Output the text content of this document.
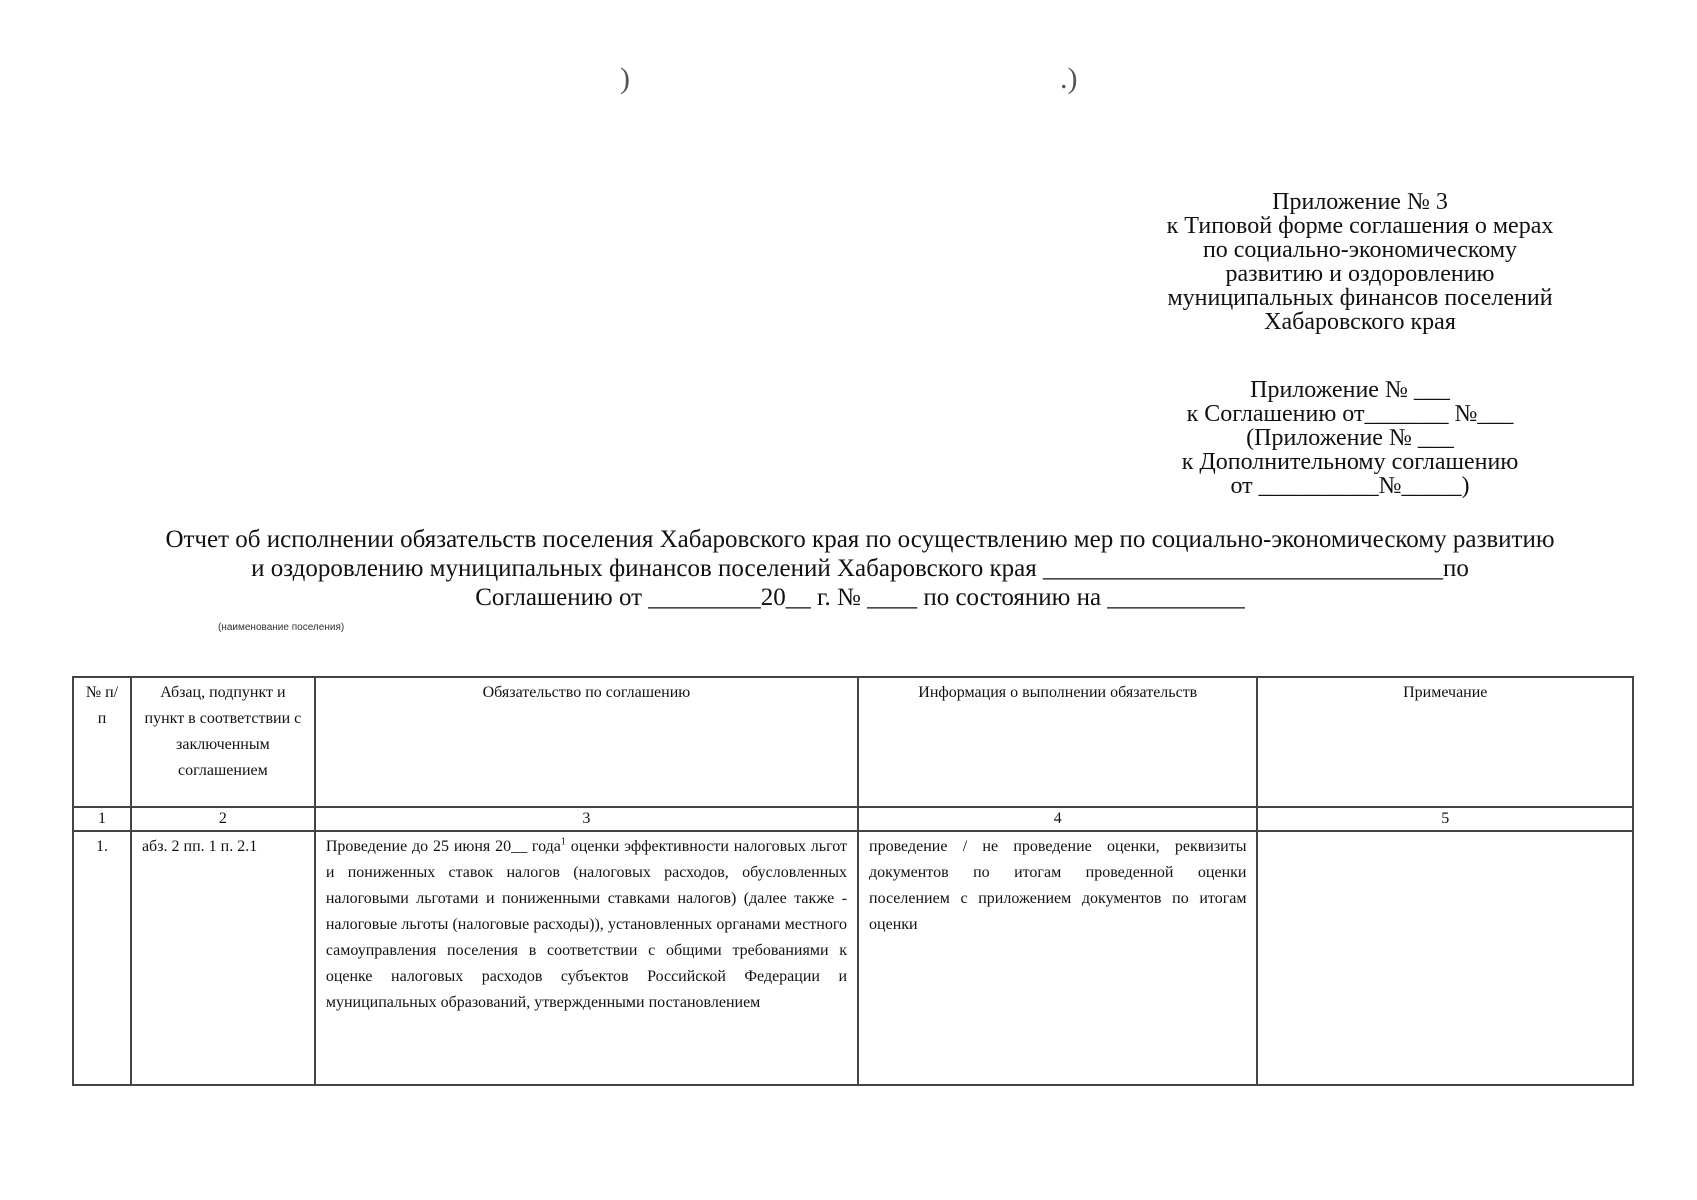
)	.)
Приложение № 3
к Типовой форме соглашения о мерах
по социально-экономическому
развитию и оздоровлению
муниципальных финансов поселений
Хабаровского края
Приложение № ___
к Соглашению от_______ №___
(Приложение № ___
к Дополнительному соглашению
от __________№_____)
Отчет об исполнении обязательств поселения Хабаровского края по осуществлению мер по социально-экономическому развитию
и оздоровлению муниципальных финансов поселений Хабаровского края ________________________________по
Соглашению от _________20__ г. № ____ по состоянию на ___________
(наименование поселения)
№ п/п	Абзац, подпункт и пункт в соответствии с заключенным соглашением	Обязательство по соглашению	Информация о выполнении обязательств	Примечание
1	2	3	4	5
1.	абз. 2 пп. 1 п. 2.1	Проведение до 25 июня 20__ года$^1$ оценки эффективности налоговых льгот и пониженных ставок налогов (налоговых расходов, обусловленных налоговыми льготами и пониженными ставками налогов) (далее также - налоговые льготы (налоговые расходы)), установленных органами местного самоуправления поселения в соответствии с общими требованиями к оценке налоговых расходов субъектов Российской Федерации и муниципальных образований, утвержденными постановлением	проведение / не проведение оценки, реквизиты документов по итогам проведенной оценки поселением с приложением документов по итогам оценки	
